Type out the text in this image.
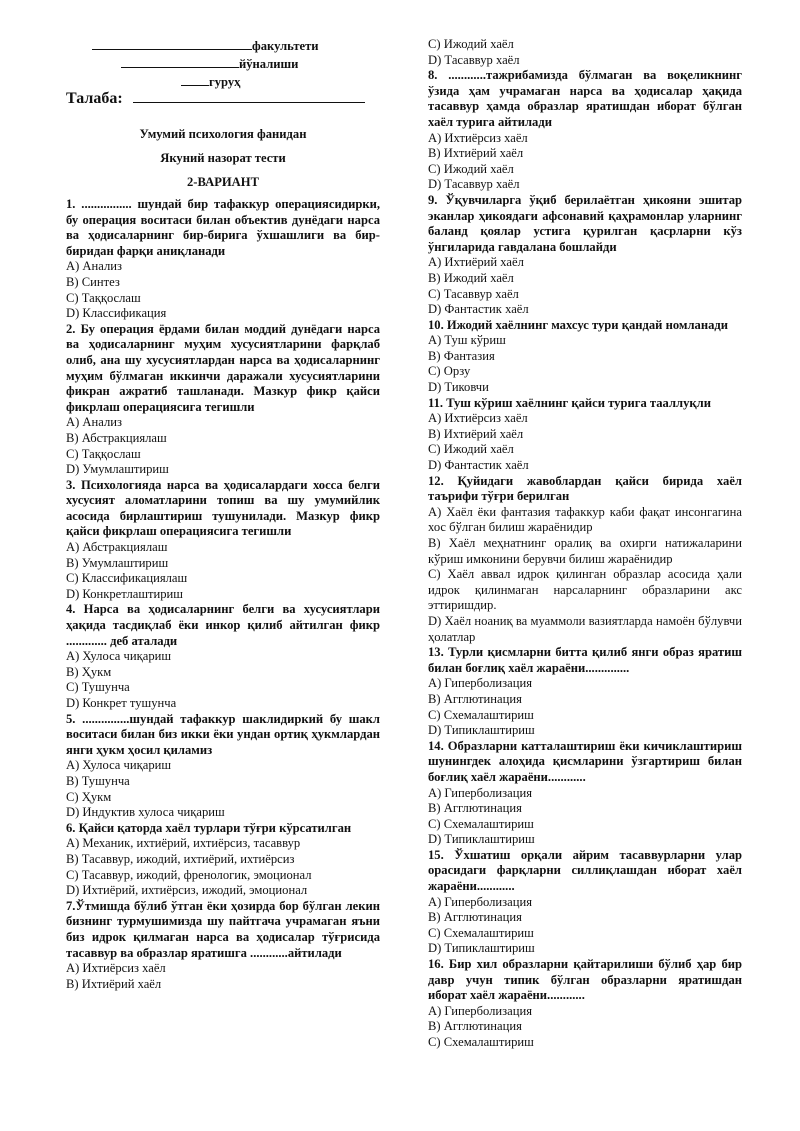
факультети
йўналиши
гуруҳ
Талаба:
Умумий психология фанидан
Якуний назорат тести
2-ВАРИАНТ
1. ................ шундай бир тафаккур операциясидирки, бу операция воситаси билан объектив дунёдаги нарса ва ҳодисаларнинг бир-бирига ўхшашлиги ва бир-биридан фарқи аниқланади
A) Анализ
B) Синтез
C) Таққослаш
D) Классификация
2. Бу операция ёрдами билан моддий дунёдаги нарса ва ҳодисаларнинг муҳим хусусиятларини фарқлаб олиб, ана шу хусусиятлардан нарса ва ҳодисаларнинг муҳим бўлмаган иккинчи даражали хусусиятларини фикран ажратиб ташланади. Мазкур фикр қайси фикрлаш операциясига тегишли
A) Анализ
B) Абстракциялаш
C) Таққослаш
D) Умумлаштириш
3. Психологияда нарса ва ҳодисалардаги хосса белги хусусият аломатларини топиш ва шу умумийлик асосида бирлаштириш тушунилади. Мазкур фикр қайси фикрлаш операциясига тегишли
A) Абстракциялаш
B) Умумлаштириш
C) Классификациялаш
D) Конкретлаштириш
4. Нарса ва ҳодисаларнинг белги ва хусусиятлари ҳақида тасдиқлаб ёки инкор қилиб айтилган фикр ............. деб аталади
A) Хулоса чиқариш
B) Ҳукм
C) Тушунча
D) Конкрет тушунча
5. ...............шундай тафаккур шаклидиркий бу шакл воситаси билан биз икки ёки ундан ортиқ ҳукмлардан янги ҳукм ҳосил қиламиз
A) Хулоса чиқариш
B) Тушунча
C) Ҳукм
D) Индуктив хулоса чиқариш
6. Қайси қаторда хаёл турлари тўғри кўрсатилган
A) Механик, ихтиёрий, ихтиёрсиз, тасаввур
B) Тасаввур, ижодий, ихтиёрий, ихтиёрсиз
C) Тасаввур, ижодий, френологик, эмоционал
D) Ихтиёрий, ихтиёрсиз, ижодий, эмоционал
7.Ўтмишда бўлиб ўтган ёки ҳозирда бор бўлган лекин бизнинг турмушимизда шу пайтгача учрамаган яъни биз идрок қилмаган нарса ва ҳодисалар тўғрисида тасаввур ва образлар яратишга ............айтилади
A) Ихтиёрсиз хаёл
B) Ихтиёрий хаёл
C) Ижодий хаёл
D) Тасаввур хаёл
8. ............тажрибамизда бўлмаган ва воқеликнинг ўзида ҳам учрамаган нарса ва ҳодисалар ҳақида тасаввур ҳамда образлар яратишдан иборат бўлган хаёл турига айтилади
A) Ихтиёрсиз хаёл
B) Ихтиёрий хаёл
C) Ижодий хаёл
D) Тасаввур хаёл
9. Ўқувчиларга ўқиб берилаётган ҳикояни эшитар эканлар ҳикоядаги афсонавий қаҳрамонлар уларнинг баланд қоялар устига қурилган қасрларни кўз ўнгиларида гавдалана бошлайди
A) Ихтиёрий хаёл
B) Ижодий хаёл
C) Тасаввур хаёл
D) Фантастик хаёл
10. Ижодий хаёлнинг махсус тури қандай номланади
A) Туш кўриш
B) Фантазия
C) Орзу
D) Тиковчи
11. Туш кўриш хаёлнинг қайси турига тааллуқли
A) Ихтиёрсиз хаёл
B) Ихтиёрий хаёл
C) Ижодий хаёл
D) Фантастик хаёл
12. Қуйидаги жавоблардан қайси бирида хаёл таърифи тўғри берилган
A) Хаёл ёки фантазия тафаккур каби фақат инсонгагина хос бўлган билиш жараёнидир
B) Хаёл меҳнатнинг оралиқ ва охирги натижаларини кўриш имконини берувчи билиш жараёнидир
C) Хаёл аввал идрок қилинган образлар асосида ҳали идрок қилинмаган нарсаларнинг образларини акс эттириш​дир.
D) Хаёл ноаниқ ва муаммоли вазиятларда намоён бўлувчи ҳолатлар
13. Турли қисмларни битта қилиб янги образ яратиш билан боғлиқ хаёл жараёни..............
A) Гиперболизация
B) Агглютинация
C) Схемалаштириш
D) Типиклаштириш
14. Образларни катталаштириш ёки кичиклаштириш шунингдек алоҳида қисмларини ўзгартириш билан боғлиқ хаёл жараёни............
A) Гиперболизация
B) Агглютинация
C) Схемалаштириш
D) Типиклаштириш
15. Ўхшатиш орқали айрим тасаввурларни улар орасидаги фарқларни силлиқлашдан иборат хаёл жараёни............
A) Гиперболизация
B) Агглютинация
C) Схемалаштириш
D) Типиклаштириш
16. Бир хил образларни қайтарилиши бўлиб ҳар бир давр учун типик бўлган образларни яратишдан иборат хаёл жараёни............
A) Гиперболизация
B) Агглютинация
C) Схемалаштириш
